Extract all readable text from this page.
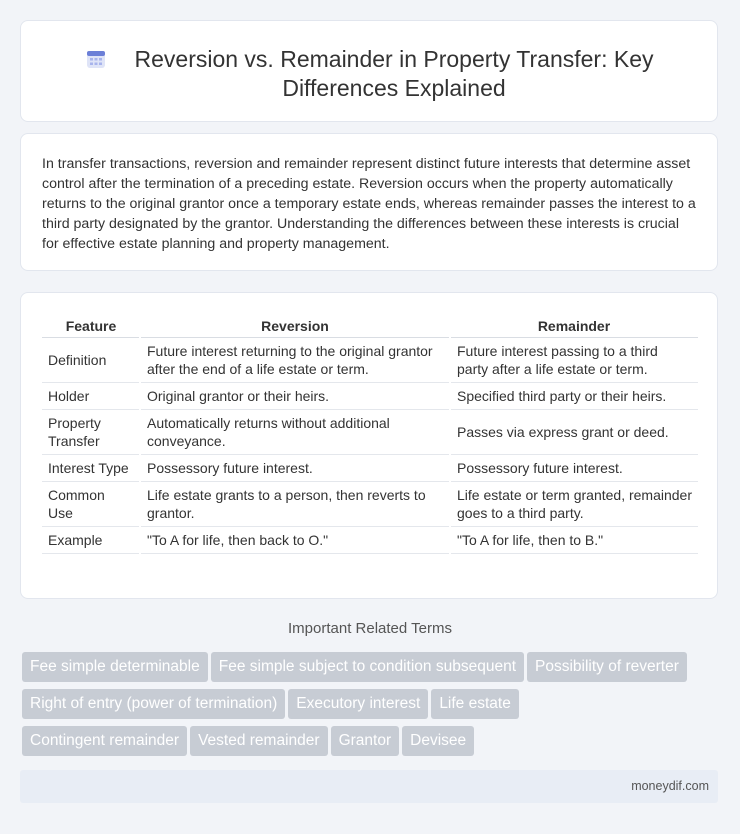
Reversion vs. Remainder in Property Transfer: Key Differences Explained

In transfer transactions, reversion and remainder represent distinct future interests that determine asset control after the termination of a preceding estate. Reversion occurs when the property automatically returns to the original grantor once a temporary estate ends, whereas remainder passes the interest to a third party designated by the grantor. Understanding the differences between these interests is crucial for effective estate planning and property management.

Feature	Reversion	Remainder
Definition	Future interest returning to the original grantor after the end of a life estate or term.	Future interest passing to a third party after a life estate or term.
Holder	Original grantor or their heirs.	Specified third party or their heirs.
Property Transfer	Automatically returns without additional conveyance.	Passes via express grant or deed.
Interest Type	Possessory future interest.	Possessory future interest.
Common Use	Life estate grants to a person, then reverts to grantor.	Life estate or term granted, remainder goes to a third party.
Example	"To A for life, then back to O."	"To A for life, then to B."
Important Related Terms
Fee simple determinable Fee simple subject to condition subsequent Possibility of reverter
Right of entry (power of termination) Executory interest Life estate
Contingent remainder Vested remainder Grantor Devisee
moneydif.com
